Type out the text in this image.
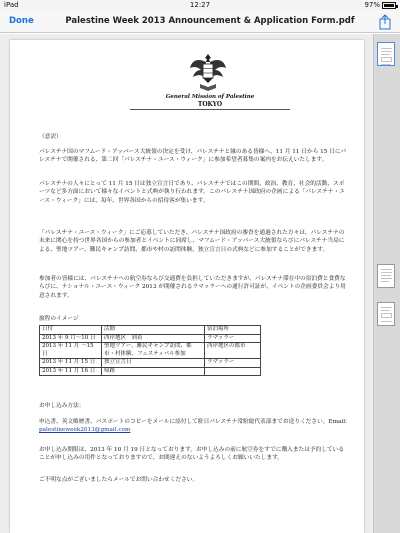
iPad	12:27	97%
Done	Palestine Week 2013 Announcement & Application Form.pdf
General Mission of Palestine
TOKYO

（意訳）

パレスチナ国のマフムード・アッバース大統領の決定を受け、パレスチナと縁のある皆様へ、11 月 11 日から 15 日にパレスチナで開催される、第二回「パレスチナ・ユース・ウィーク」に参加希望者募集の案内をお伝えいたします。

パレスチナの人々にとって 11 月 15 日は独立宣言日であり、パレスチナではこの期間、政治、教育、社会的活動、スポーツなど多方面において様々なイベントと式典が執り行われます。このパレスチナ国政府の企画による「パレスチナ・ユース・ウィーク」には、毎年、世界各国からの招待客が集います。

「パレスチナ・ユース・ウィーク」にご応募していただき、パレスチナ国政府の審査を通過された方々は、パレスチナの未来に関心を持つ世界各国からの参加者とイベントに同席し、マフムード・アッバース大統領ならびにパレスチナ当局による、聖地ツアー、難民キャンプ訪問、都市や村の訪問体験、独立宣言日の式典などに参加することができます。

参加者の皆様には、パレスチナへの航空券ならび交通費を負担していただきますが、パレスチナ滞在中の宿泊費と食費ならびに、ナショナル・ユース・ウィーク 2013 が開催されるラマッラーへの通行許可証が、イベントの企画委員会より用意されます。

旅程のイメージ

日付	活動	宿泊場所
2013 年 9 月〜10 日	西岸地区　到着	ラマッラー
2013 年 11 月 〜15 日	聖地ツアー、難民キャンプ訪問、都市・村体験、フェスティバル参加	西岸地区の都市
2013 年 11 月 15 日	独立宣言日	ラマッラー
2013 年 11 月 16 日	帰路	

お申し込み方法：

申込書、英文略歴書、パスポートのコピーをメールに添付して駐日パレスチナ常駐総代表部までお送りください。Email: palestineweek2013@gmail.com

お申し込み期限は、2013 年 10 月 19 日となっております。お申し込みの前に航空券をすでに購入または予約していることが申し込みの用件となっておりますので、お間違えのないようよろしくお願いいたします。

ご不明な点がございましたらメールでお問い合わせください。
